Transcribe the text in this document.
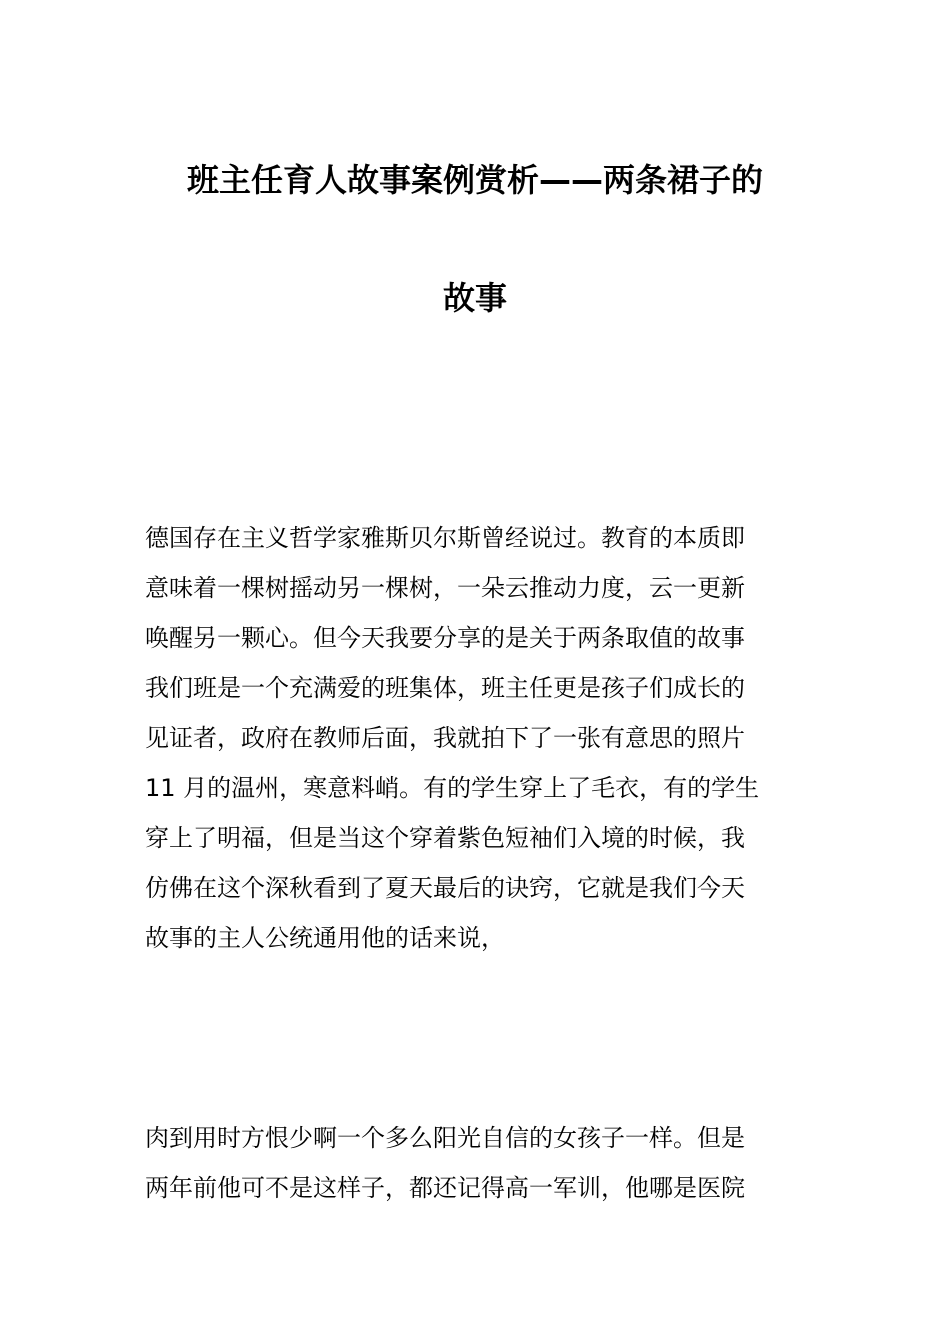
班主任育人故事案例赏析——两条裙子的
故事
德国存在主义哲学家雅斯贝尔斯曾经说过。教育的本质即
意味着一棵树摇动另一棵树，一朵云推动力度，云一更新
唤醒另一颗心。但今天我要分享的是关于两条取值的故事
我们班是一个充满爱的班集体，班主任更是孩子们成长的
见证者，政府在教师后面，我就拍下了一张有意思的照片
11 月的温州，寒意料峭。有的学生穿上了毛衣，有的学生
穿上了明福，但是当这个穿着紫色短袖们入境的时候，我
仿佛在这个深秋看到了夏天最后的诀窍，它就是我们今天
故事的主人公统通用他的话来说，
肉到用时方恨少啊一个多么阳光自信的女孩子一样。但是
两年前他可不是这样子，都还记得高一军训，他哪是医院
